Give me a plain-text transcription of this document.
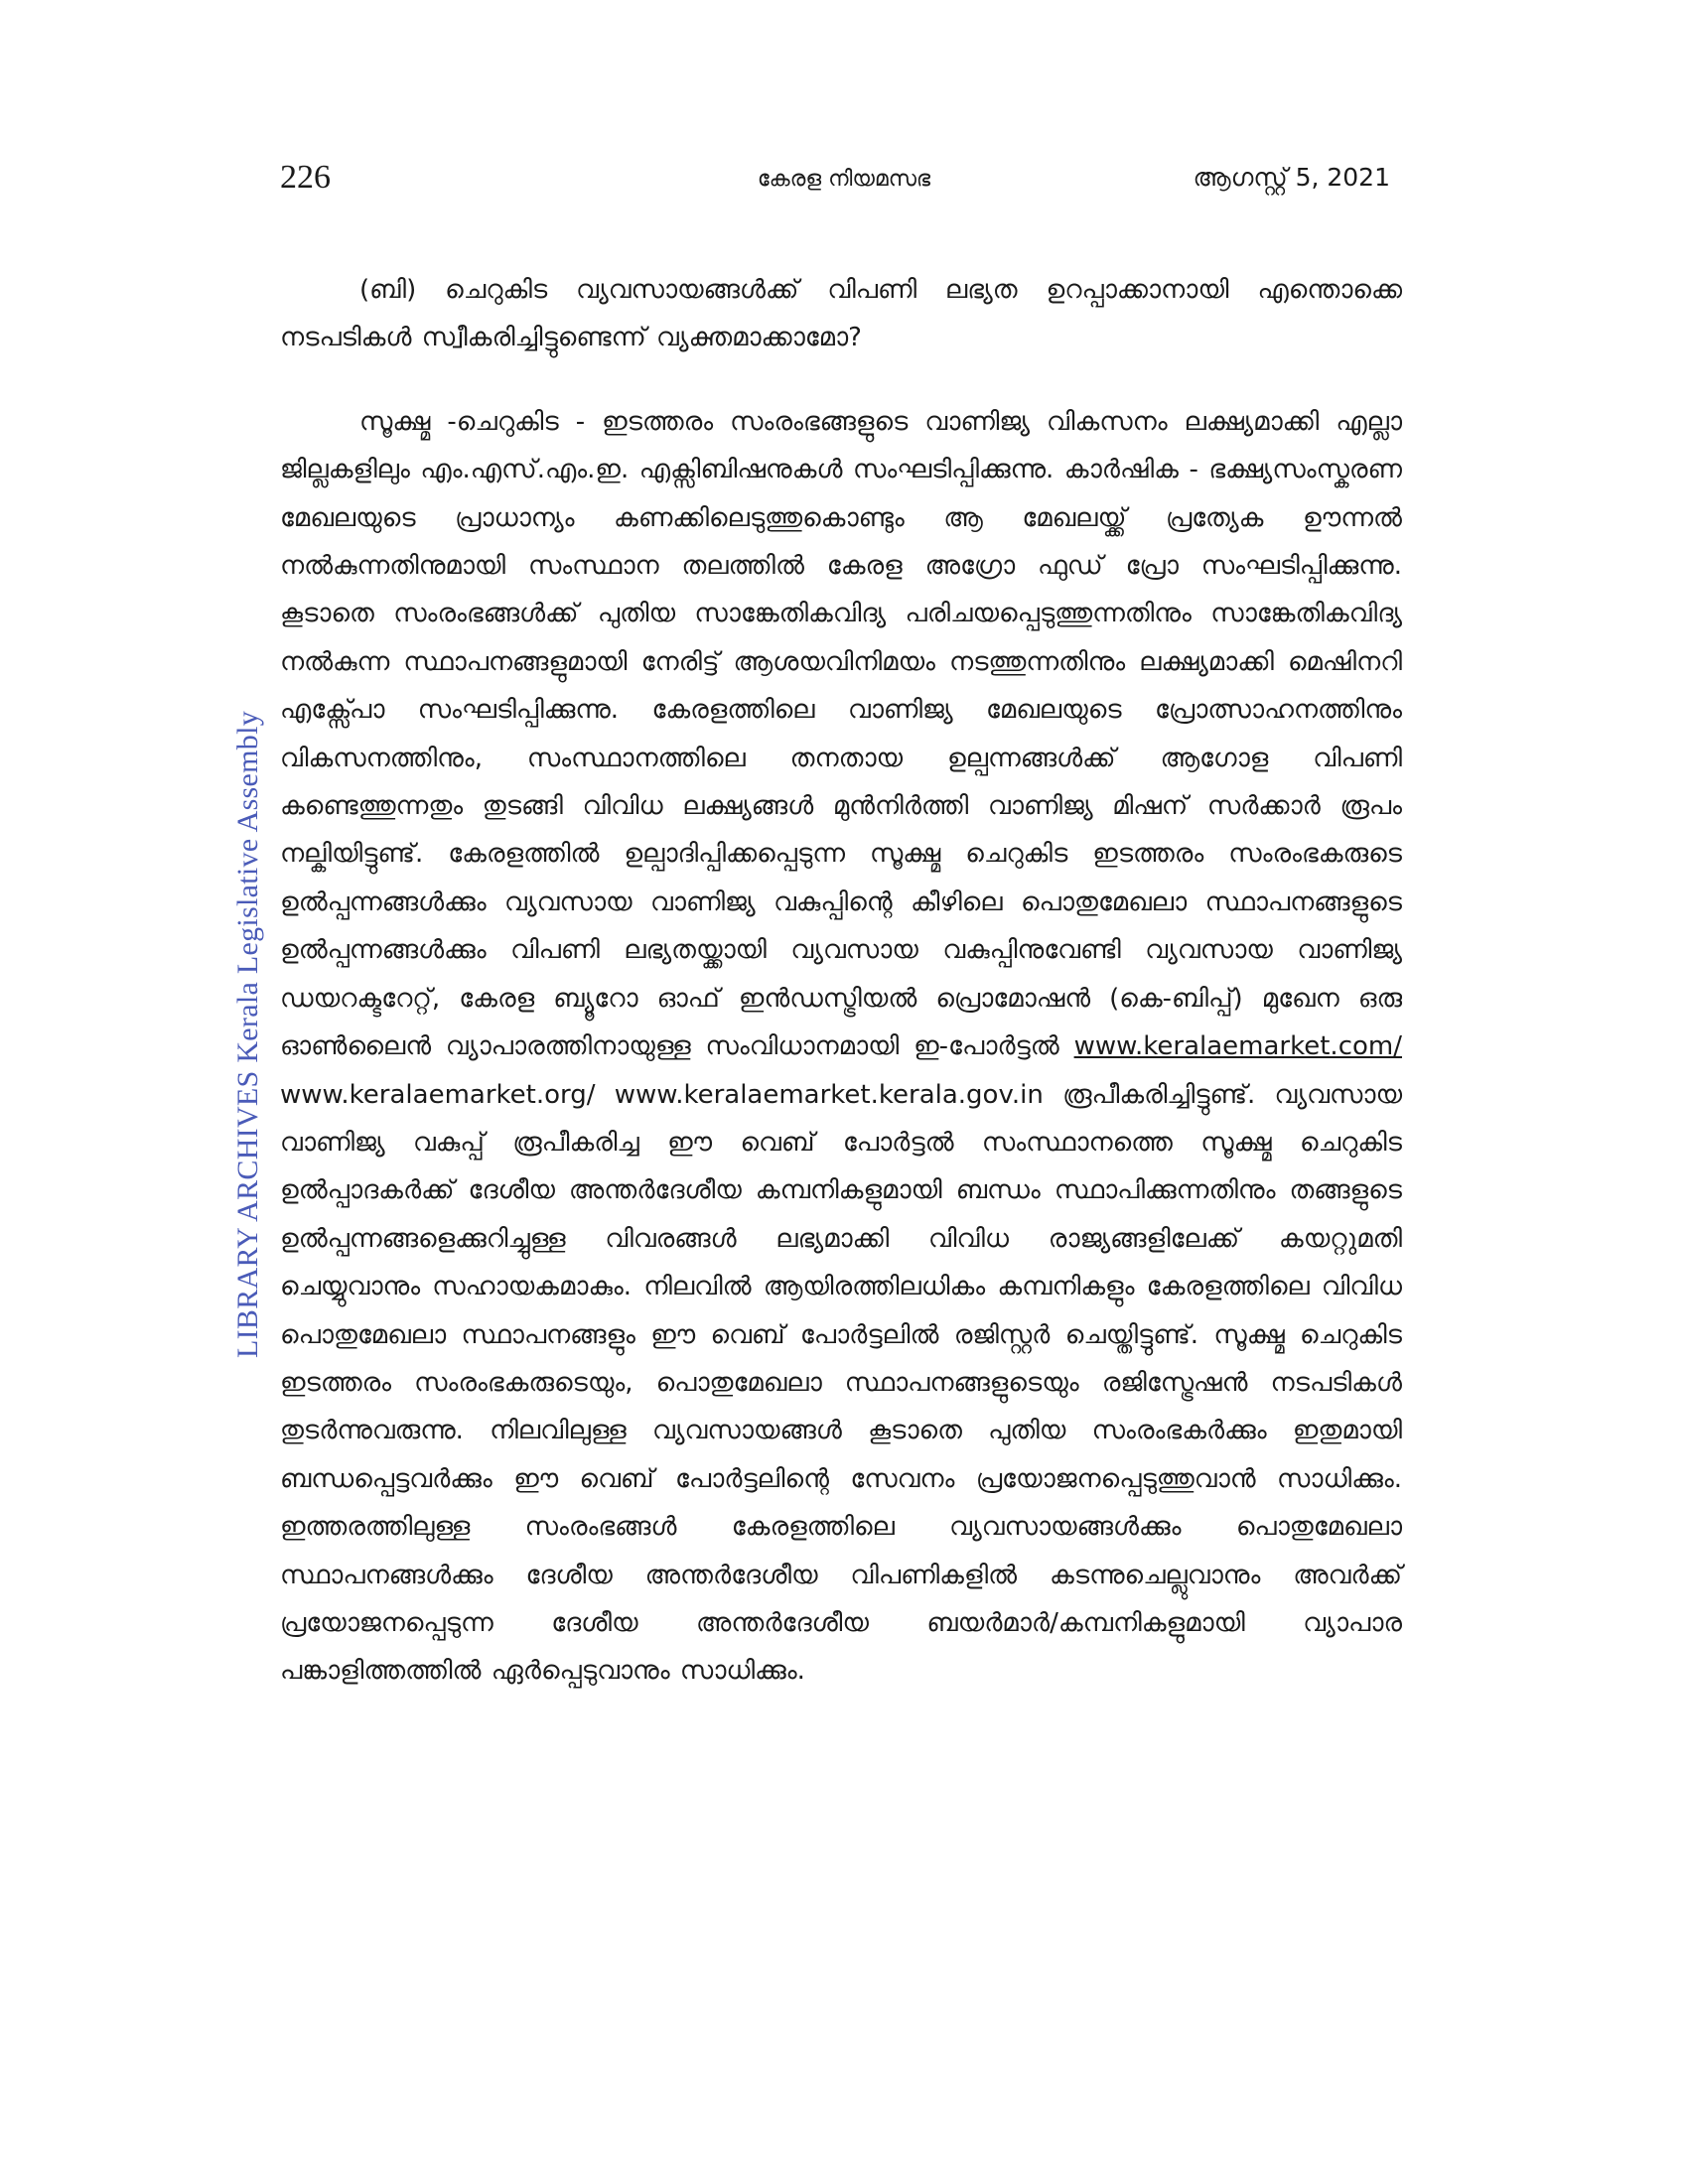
226	കേരള നിയമസഭ	ആഗസ്റ്റ് 5, 2021
LIBRARY ARCHIVES Kerala Legislative Assembly

(ബി) ചെറുകിട വ്യവസായങ്ങൾക്ക് വിപണി ലഭ്യത ഉറപ്പാക്കാനായി എന്തൊക്കെ നടപടികൾ സ്വീകരിച്ചിട്ടുണ്ടെന്ന് വ്യക്തമാക്കാമോ?

സൂക്ഷ്മ -ചെറുകിട - ഇടത്തരം സംരംഭങ്ങളുടെ വാണിജ്യ വികസനം ലക്ഷ്യമാക്കി എല്ലാ ജില്ലകളിലും എം.എസ്.എം.ഇ. എക്സിബിഷനുകൾ സംഘടിപ്പിക്കുന്നു. കാർഷിക - ഭക്ഷ്യസംസ്കരണ മേഖലയുടെ പ്രാധാന്യം കണക്കിലെടുത്തുകൊണ്ടും ആ മേഖലയ്ക്ക് പ്രത്യേക ഊന്നൽ നൽകുന്നതിനുമായി സംസ്ഥാന തലത്തിൽ കേരള അഗ്രോ ഫുഡ് പ്രോ സംഘടിപ്പിക്കുന്നു. കൂടാതെ സംരംഭങ്ങൾക്ക് പുതിയ സാങ്കേതികവിദ്യ പരിചയപ്പെടുത്തുന്നതിനും സാങ്കേതികവിദ്യ നൽകുന്ന സ്ഥാപനങ്ങളുമായി നേരിട്ട് ആശയവിനിമയം നടത്തുന്നതിനും ലക്ഷ്യമാക്കി മെഷിനറി എക്സ്പോ സംഘടിപ്പിക്കുന്നു. കേരളത്തിലെ വാണിജ്യ മേഖലയുടെ പ്രോത്സാഹനത്തിനും വികസനത്തിനും, സംസ്ഥാനത്തിലെ തനതായ ഉല്പന്നങ്ങൾക്ക് ആഗോള വിപണി കണ്ടെത്തുന്നതും തുടങ്ങി വിവിധ ലക്ഷ്യങ്ങൾ മുൻനിർത്തി വാണിജ്യ മിഷന് സർക്കാർ രൂപം നല്കിയിട്ടുണ്ട്. കേരളത്തിൽ ഉല്പാദിപ്പിക്കപ്പെടുന്ന സൂക്ഷ്മ ചെറുകിട ഇടത്തരം സംരംഭകരുടെ ഉൽപ്പന്നങ്ങൾക്കും വ്യവസായ വാണിജ്യ വകുപ്പിന്റെ കീഴിലെ പൊതുമേഖലാ സ്ഥാപനങ്ങളുടെ ഉൽപ്പന്നങ്ങൾക്കും വിപണി ലഭ്യതയ്ക്കായി വ്യവസായ വകുപ്പിനുവേണ്ടി വ്യവസായ വാണിജ്യ ഡയറക്ടറേറ്റ്, കേരള ബ്യൂറോ ഓഫ് ഇൻഡസ്ട്രിയൽ പ്രൊമോഷൻ (കെ-ബിപ്പ്) മുഖേന ഒരു ഓൺലൈൻ വ്യാപാരത്തിനായുള്ള സംവിധാനമായി ഇ-പോർട്ടൽ www.keralaemarket.com/ www.keralaemarket.org/ www.keralaemarket.kerala.gov.in രൂപീകരിച്ചിട്ടുണ്ട്. വ്യവസായ വാണിജ്യ വകുപ്പ് രൂപീകരിച്ച ഈ വെബ് പോർട്ടൽ സംസ്ഥാനത്തെ സൂക്ഷ്മ ചെറുകിട ഉൽപ്പാദകർക്ക് ദേശീയ അന്തർദേശീയ കമ്പനികളുമായി ബന്ധം സ്ഥാപിക്കുന്നതിനും തങ്ങളുടെ ഉൽപ്പന്നങ്ങളെക്കുറിച്ചുള്ള വിവരങ്ങൾ ലഭ്യമാക്കി വിവിധ രാജ്യങ്ങളിലേക്ക് കയറ്റുമതി ചെയ്യുവാനും സഹായകമാകും. നിലവിൽ ആയിരത്തിലധികം കമ്പനികളും കേരളത്തിലെ വിവിധ പൊതുമേഖലാ സ്ഥാപനങ്ങളും ഈ വെബ് പോർട്ടലിൽ രജിസ്റ്റർ ചെയ്തിട്ടുണ്ട്. സൂക്ഷ്മ ചെറുകിട ഇടത്തരം സംരംഭകരുടെയും, പൊതുമേഖലാ സ്ഥാപനങ്ങളുടെയും രജിസ്ട്രേഷൻ നടപടികൾ തുടർന്നുവരുന്നു. നിലവിലുള്ള വ്യവസായങ്ങൾ കൂടാതെ പുതിയ സംരംഭകർക്കും ഇതുമായി ബന്ധപ്പെട്ടവർക്കും ഈ വെബ് പോർട്ടലിന്റെ സേവനം പ്രയോജനപ്പെടുത്തുവാൻ സാധിക്കും. ഇത്തരത്തിലുള്ള സംരംഭങ്ങൾ കേരളത്തിലെ വ്യവസായങ്ങൾക്കും പൊതുമേഖലാ സ്ഥാപനങ്ങൾക്കും ദേശീയ അന്തർദേശീയ വിപണികളിൽ കടന്നുചെല്ലുവാനും അവർക്ക് പ്രയോജനപ്പെടുന്ന ദേശീയ അന്തർദേശീയ ബയർമാർ/കമ്പനികളുമായി വ്യാപാര പങ്കാളിത്തത്തിൽ ഏർപ്പെടുവാനും സാധിക്കും.
